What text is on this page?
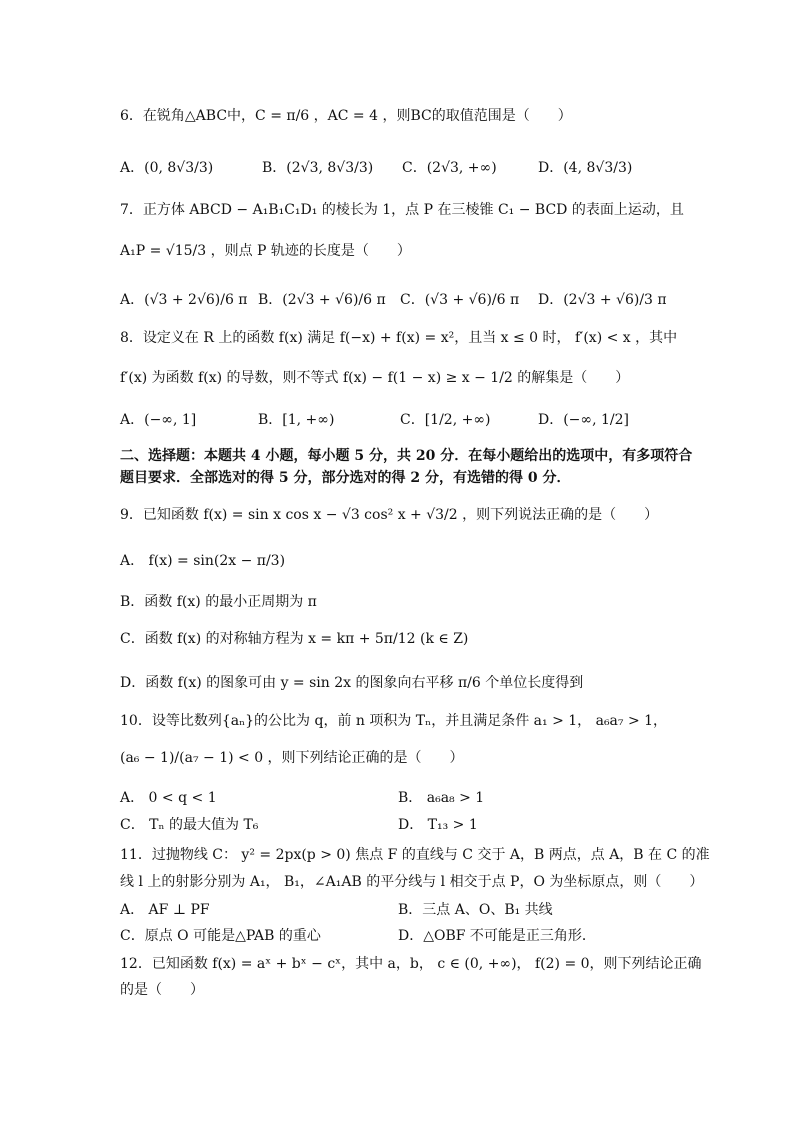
6．在锐角△ABC中，C = π/6 ，AC = 4 ，则BC的取值范围是（　　）
A．(0, 8√3/3)	B．(2√3, 8√3/3) C．(2√3, +∞)	D．(4, 8√3/3)
7．正方体 ABCD − A₁B₁C₁D₁ 的棱长为 1，点 P 在三棱锥 C₁ − BCD 的表面上运动，且
A₁P = √15/3 ，则点 P 轨迹的长度是（　　）
A．(√3 + 2√6)/6 π B．(2√3 + √6)/6 π C．(√3 + √6)/6 π D．(2√3 + √6)/3 π
8．设定义在 R 上的函数 f(x) 满足 f(−x) + f(x) = x²，且当 x ≤ 0 时， f′(x) < x ，其中
f′(x) 为函数 f(x) 的导数，则不等式 f(x) − f(1 − x) ≥ x − 1/2 的解集是（　　）
A．(−∞, 1]	B．[1, +∞)	C．[1/2, +∞)	D．(−∞, 1/2]
二、选择题：本题共 4 小题，每小题 5 分，共 20 分．在每小题给出的选项中，有多项符合
题目要求．全部选对的得 5 分，部分选对的得 2 分，有选错的得 0 分．
9．已知函数 f(x) = sin x cos x − √3 cos² x + √3/2 ，则下列说法正确的是（　　）
A． f(x) = sin(2x − π/3)
B．函数 f(x) 的最小正周期为 π
C．函数 f(x) 的对称轴方程为 x = kπ + 5π/12 (k ∈ Z)
D．函数 f(x) 的图象可由 y = sin 2x 的图象向右平移 π/6 个单位长度得到
10．设等比数列{aₙ}的公比为 q，前 n 项积为 Tₙ，并且满足条件 a₁ > 1， a₆a₇ > 1，
(a₆ − 1)/(a₇ − 1) < 0 ，则下列结论正确的是（　　）
A． 0 < q < 1	B． a₆a₈ > 1
C． Tₙ 的最大值为 T₆	D． T₁₃ > 1
11．过抛物线 C： y² = 2px(p > 0) 焦点 F 的直线与 C 交于 A，B 两点，点 A，B 在 C 的准
线 l 上的射影分别为 A₁， B₁，∠A₁AB 的平分线与 l 相交于点 P，O 为坐标原点，则（　　）
A． AF ⊥ PF	B．三点 A、O、B₁ 共线
C．原点 O 可能是△PAB 的重心	D．△OBF 不可能是正三角形．
12．已知函数 f(x) = aˣ + bˣ − cˣ，其中 a，b， c ∈ (0, +∞)， f(2) = 0，则下列结论正确
的是（　　）
